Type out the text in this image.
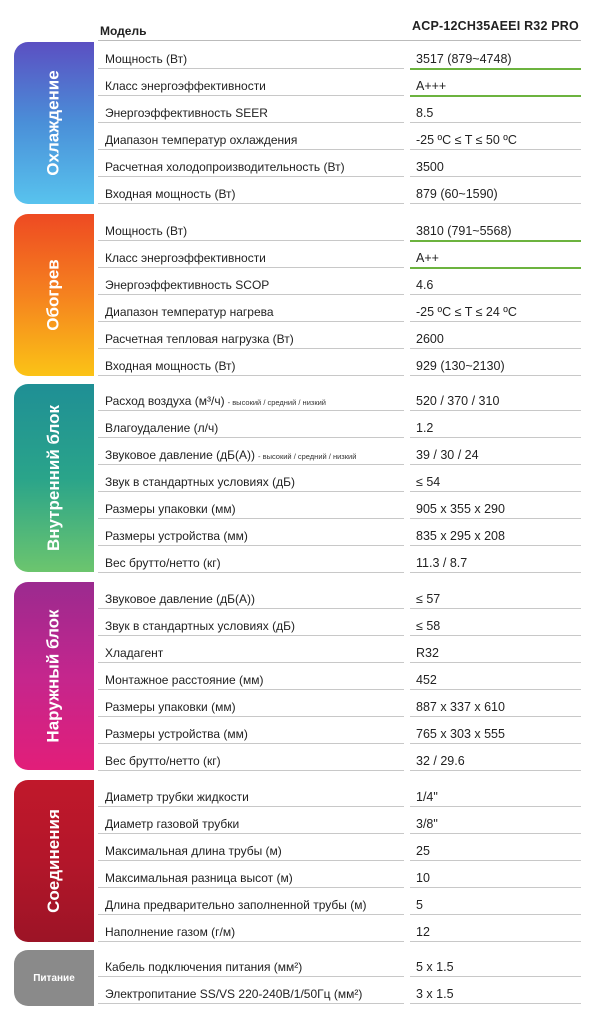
Модель	ACP-12CH35AEEI R32 PRO
Охлаждение
Мощность (Вт)	3517 (879~4748)
Класс энергоэффективности	A+++
Энергоэффективность SEER	8.5
Диапазон температур охлаждения	-25 ºC ≤ T ≤ 50 ºC
Расчетная холодопроизводительность (Вт)	3500
Входная мощность (Вт)	879 (60~1590)
Обогрев
Мощность (Вт)	3810 (791~5568)
Класс энергоэффективности	A++
Энергоэффективность SCOP	4.6
Диапазон температур нагрева	-25 ºC ≤ T ≤ 24 ºC
Расчетная тепловая нагрузка (Вт)	2600
Входная мощность (Вт)	929 (130~2130)
Внутренний блок
Расход воздуха (м³/ч) - высокий / средний / низкий	520 / 370 / 310
Влагоудаление (л/ч)	1.2
Звуковое давление (дБ(А)) - высокий / средний / низкий	39 / 30 / 24
Звук в стандартных условиях (дБ)	≤ 54
Размеры упаковки (мм)	905 x 355 x 290
Размеры устройства (мм)	835 x 295 x 208
Вес брутто/нетто (кг)	11.3 / 8.7
Наружный блок
Звуковое давление (дБ(А))	≤ 57
Звук в стандартных условиях (дБ)	≤ 58
Хладагент	R32
Монтажное расстояние (мм)	452
Размеры упаковки (мм)	887 x 337 x 610
Размеры устройства (мм)	765 x 303 x 555
Вес брутто/нетто (кг)	32 / 29.6
Соединения
Диаметр трубки жидкости	1/4"
Диаметр газовой трубки	3/8"
Максимальная длина трубы (м)	25
Максимальная разница высот (м)	10
Длина предварительно заполненной трубы (м)	5
Наполнение газом (г/м)	12
Питание
Кабель подключения питания (мм²)	5 x 1.5
Электропитание SS/VS 220-240В/1/50Гц (мм²)	3 x 1.5
